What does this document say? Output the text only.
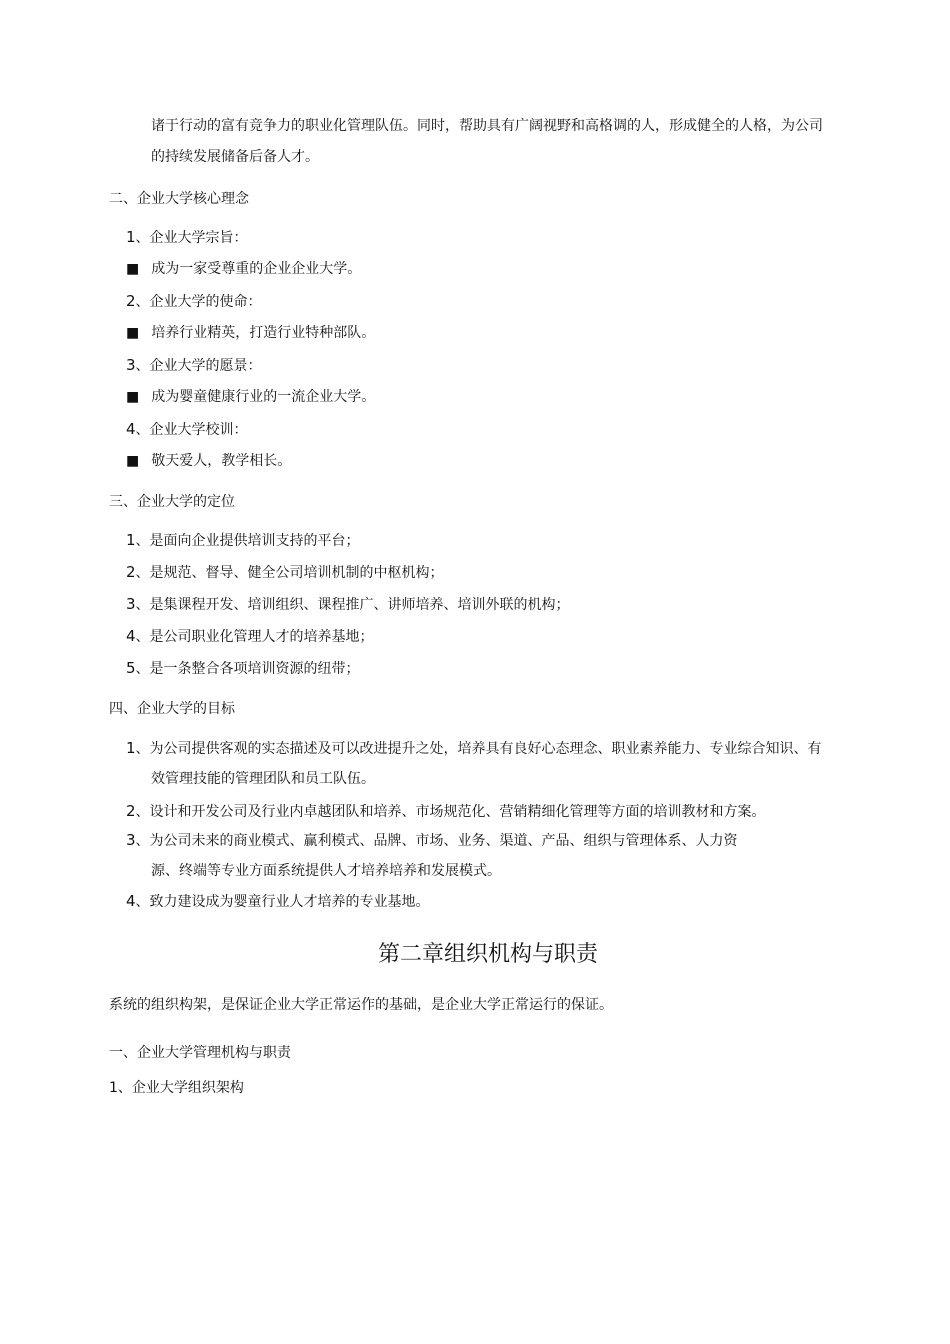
诸于行动的富有竞争力的职业化管理队伍。同时，帮助具有广阔视野和高格调的人，形成健全的人格，为公司
的持续发展储备后备人才。
二、企业大学核心理念
1、企业大学宗旨：
■ 成为一家受尊重的企业企业大学。
2、企业大学的使命：
■ 培养行业精英，打造行业特种部队。
3、企业大学的愿景：
■ 成为婴童健康行业的一流企业大学。
4、企业大学校训：
■ 敬天爱人，教学相长。
三、企业大学的定位
1、是面向企业提供培训支持的平台；
2、是规范、督导、健全公司培训机制的中枢机构；
3、是集课程开发、培训组织、课程推广、讲师培养、培训外联的机构；
4、是公司职业化管理人才的培养基地；
5、是一条整合各项培训资源的纽带；
四、企业大学的目标
1、为公司提供客观的实态描述及可以改进提升之处，培养具有良好心态理念、职业素养能力、专业综合知识、有
效管理技能的管理团队和员工队伍。
2、设计和开发公司及行业内卓越团队和培养、市场规范化、营销精细化管理等方面的培训教材和方案。
3、为公司未来的商业模式、赢利模式、品牌、市场、业务、渠道、产品、组织与管理体系、人力资
源、终端等专业方面系统提供人才培养培养和发展模式。
4、致力建设成为婴童行业人才培养的专业基地。
第二章组织机构与职责
系统的组织构架，是保证企业大学正常运作的基础，是企业大学正常运行的保证。
一、企业大学管理机构与职责
1、企业大学组织架构
